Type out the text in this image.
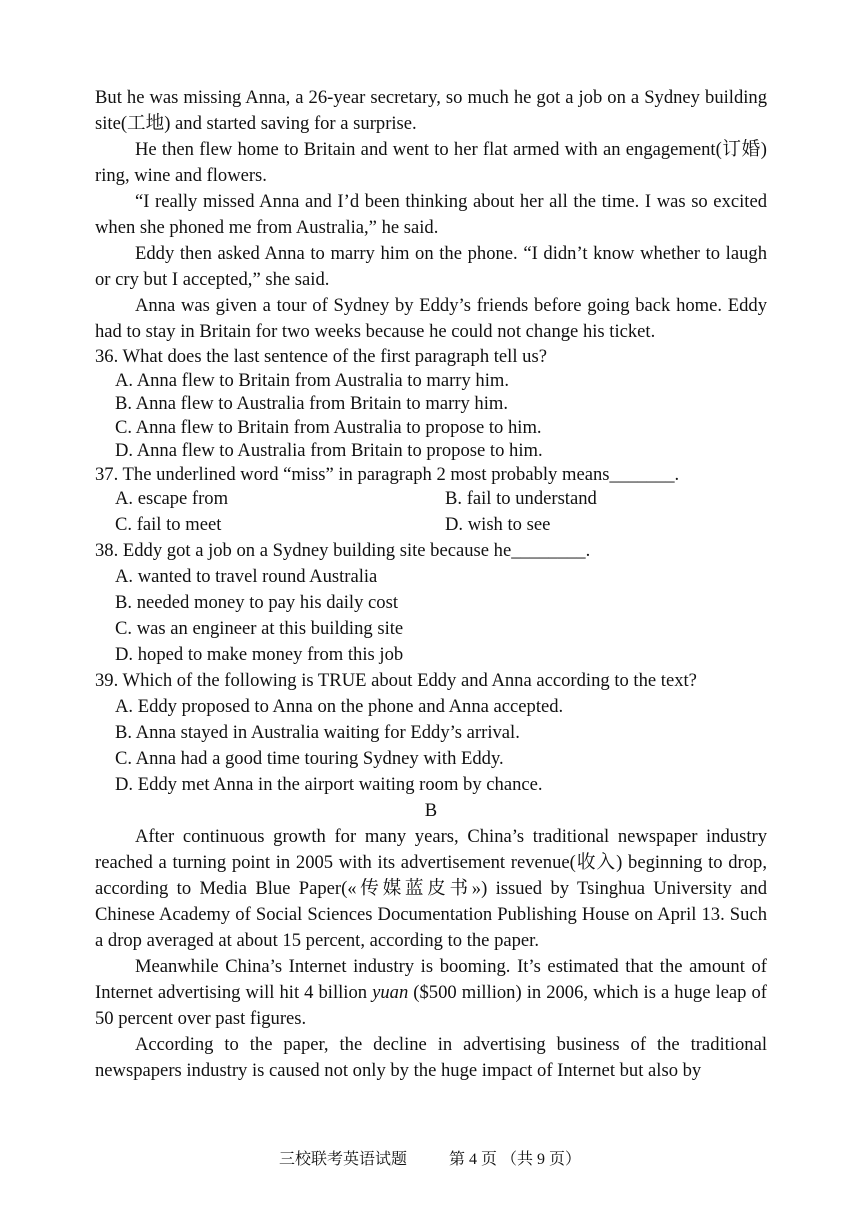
But he was missing Anna, a 26-year secretary, so much he got a job on a Sydney building site(工地) and started saving for a surprise.

He then flew home to Britain and went to her flat armed with an engagement(订婚) ring, wine and flowers.

“I really missed Anna and I’d been thinking about her all the time. I was so excited when she phoned me from Australia,” he said.

Eddy then asked Anna to marry him on the phone. “I didn’t know whether to laugh or cry but I accepted,” she said.

Anna was given a tour of Sydney by Eddy’s friends before going back home. Eddy had to stay in Britain for two weeks because he could not change his ticket.

36. What does the last sentence of the first paragraph tell us?

A. Anna flew to Britain from Australia to marry him.
B. Anna flew to Australia from Britain to marry him.
C. Anna flew to Britain from Australia to propose to him.
D. Anna flew to Australia from Britain to propose to him.

37. The underlined word “miss” in paragraph 2 most probably means_______.

A. escape from	B. fail to understand
C. fail to meet	D. wish to see

38. Eddy got a job on a Sydney building site because he________.

A. wanted to travel round Australia
B. needed money to pay his daily cost
C. was an engineer at this building site
D. hoped to make money from this job

39. Which of the following is TRUE about Eddy and Anna according to the text?

A. Eddy proposed to Anna on the phone and Anna accepted.
B. Anna stayed in Australia waiting for Eddy’s arrival.
C. Anna had a good time touring Sydney with Eddy.
D. Eddy met Anna in the airport waiting room by chance.

B

After continuous growth for many years, China’s traditional newspaper industry reached a turning point in 2005 with its advertisement revenue(收入) beginning to drop, according to Media Blue Paper(«传媒蓝皮书») issued by Tsinghua University and Chinese Academy of Social Sciences Documentation Publishing House on April 13. Such a drop averaged at about 15 percent, according to the paper.

Meanwhile China’s Internet industry is booming. It’s estimated that the amount of Internet advertising will hit 4 billion yuan ($500 million) in 2006, which is a huge leap of 50 percent over past figures.

According to the paper, the decline in advertising business of the traditional newspapers industry is caused not only by the huge impact of Internet but also by

三校联考英语试题	第 4 页 （共 9 页）
